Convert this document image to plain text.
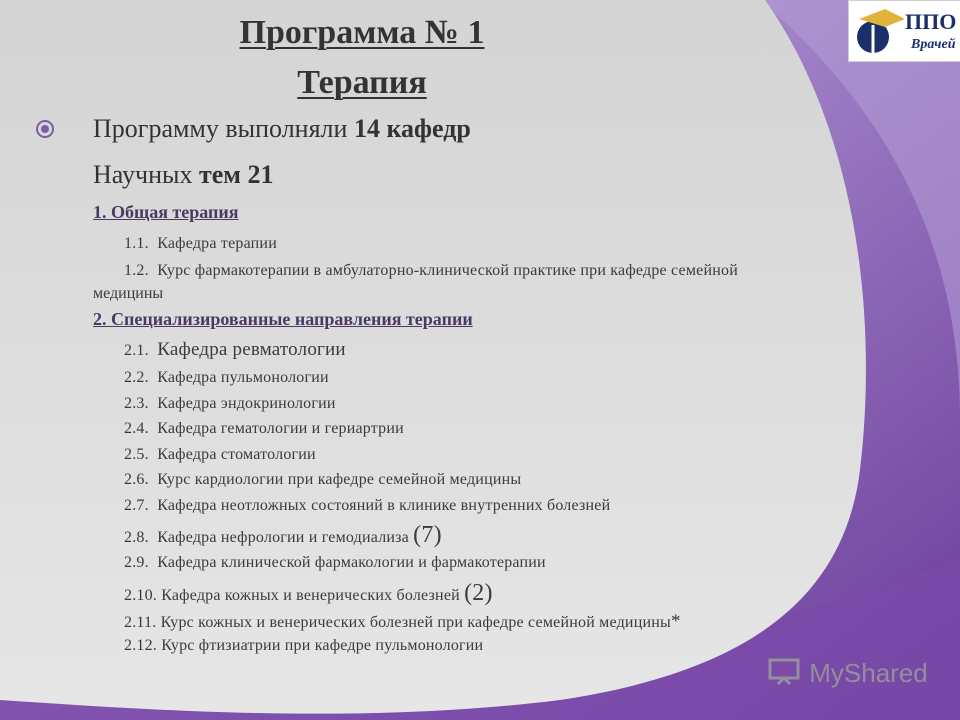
ППО
Врачей
Программа № 1
Терапия
Программу выполняли 14 кафедр
Научных тем 21
1. Общая терапия
1.1. Кафедра терапии
1.2. Курс фармакотерапии в амбулаторно-клинической практике при кафедре семейной
медицины
2. Специализированные направления терапии
2.1. Кафедра ревматологии
2.2. Кафедра пульмонологии
2.3. Кафедра эндокринологии
2.4. Кафедра гематологии и гериартрии
2.5. Кафедра стоматологии
2.6. Курс кардиологии при кафедре семейной медицины
2.7. Кафедра неотложных состояний в клинике внутренних болезней
2.8. Кафедра нефрологии и гемодиализа (7)
2.9. Кафедра клинической фармакологии и фармакотерапии
2.10. Кафедра кожных и венерических болезней (2)
2.11. Курс кожных и венерических болезней при кафедре семейной медицины*
2.12. Курс фтизиатрии при кафедре пульмонологии
MyShared
